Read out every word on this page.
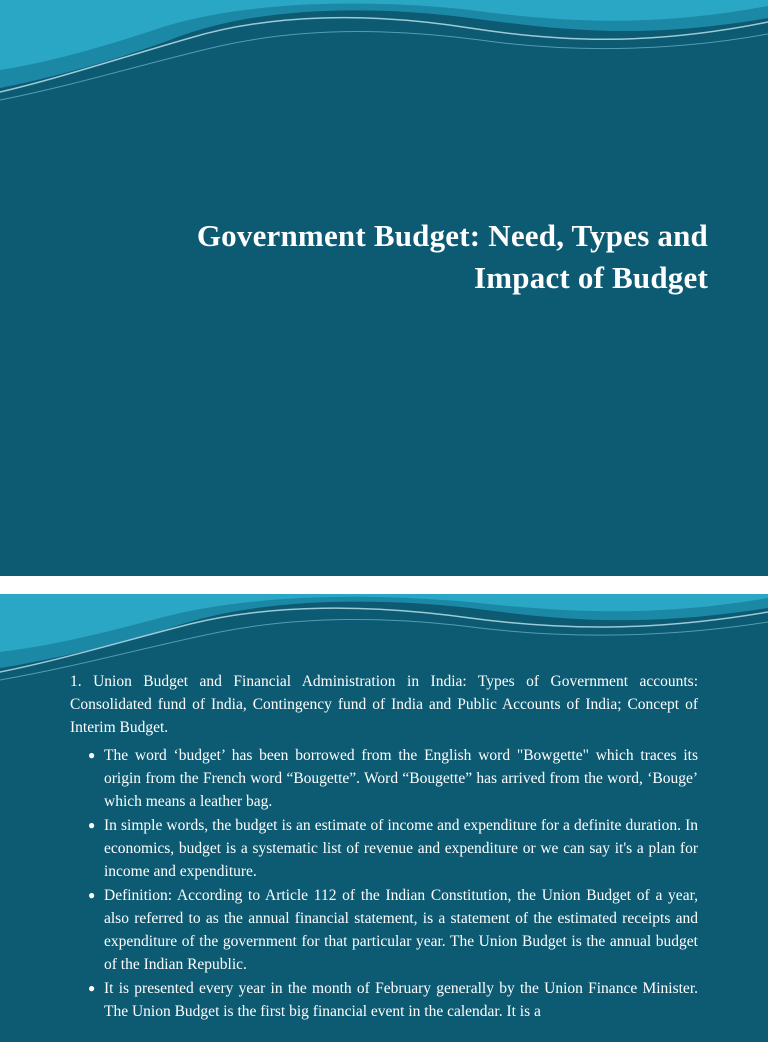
Government Budget: Need, Types and
Impact of Budget
1. Union Budget and Financial Administration in India: Types of Government accounts: Consolidated fund of India, Contingency fund of India and Public Accounts of India; Concept of Interim Budget.
● The word ‘budget’ has been borrowed from the English word "Bowgette" which traces its origin from the French word “Bougette”. Word “Bougette” has arrived from the word, ‘Bouge’ which means a leather bag.
● In simple words, the budget is an estimate of income and expenditure for a definite duration. In economics, budget is a systematic list of revenue and expenditure or we can say it's a plan for income and expenditure.
● Definition: According to Article 112 of the Indian Constitution, the Union Budget of a year, also referred to as the annual financial statement, is a statement of the estimated receipts and expenditure of the government for that particular year. The Union Budget is the annual budget of the Indian Republic.
● It is presented every year in the month of February generally by the Union Finance Minister. The Union Budget is the first big financial event in the calendar. It is a
